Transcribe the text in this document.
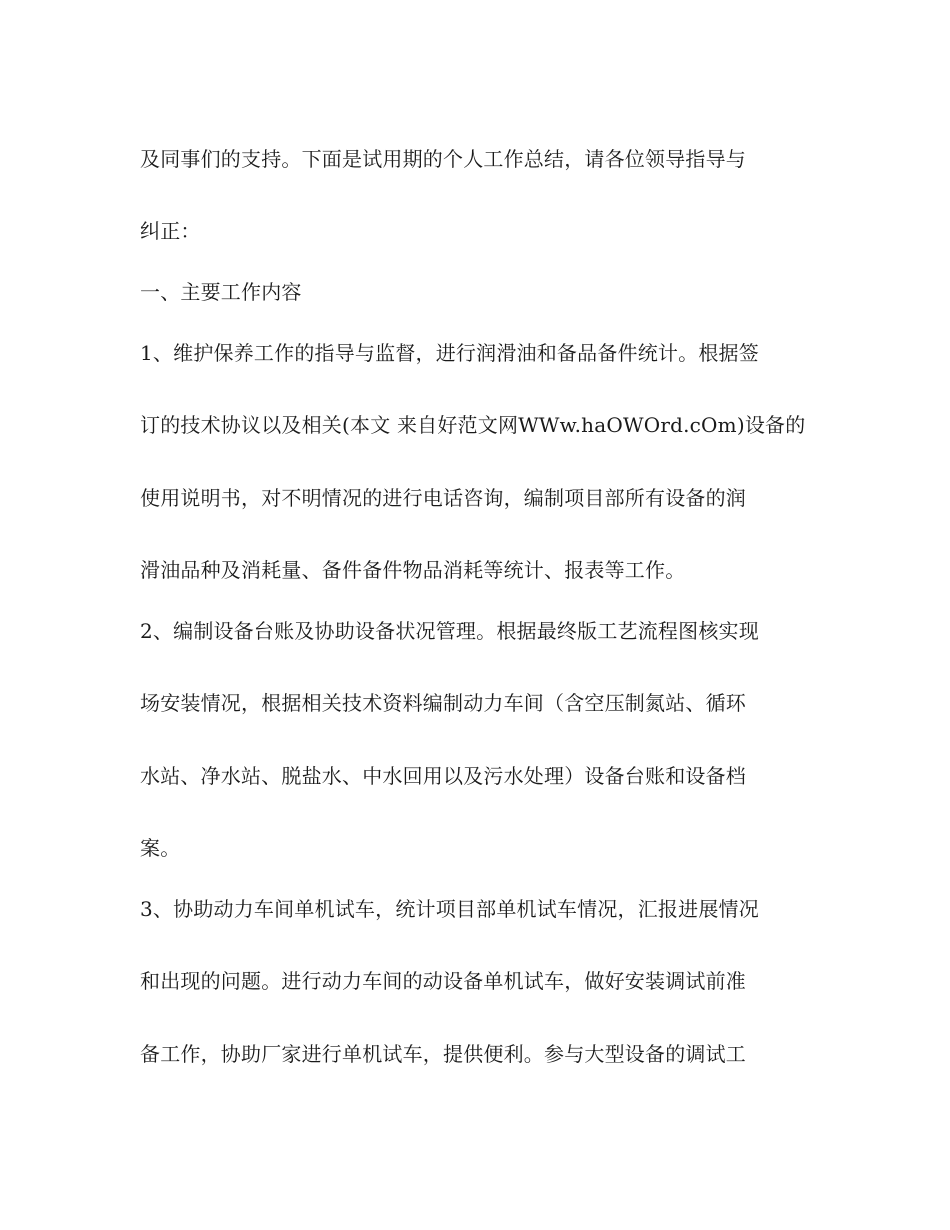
及同事们的支持。下面是试用期的个人工作总结，请各位领导指导与
纠正：
一、主要工作内容
1、维护保养工作的指导与监督，进行润滑油和备品备件统计。根据签
订的技术协议以及相关(本文 来自好范文网WWw.haOWOrd.cOm)设备的
使用说明书，对不明情况的进行电话咨询，编制项目部所有设备的润
滑油品种及消耗量、备件备件物品消耗等统计、报表等工作。
2、编制设备台账及协助设备状况管理。根据最终版工艺流程图核实现
场安装情况，根据相关技术资料编制动力车间（含空压制氮站、循环
水站、净水站、脱盐水、中水回用以及污水处理）设备台账和设备档
案。
3、协助动力车间单机试车，统计项目部单机试车情况，汇报进展情况
和出现的问题。进行动力车间的动设备单机试车，做好安装调试前准
备工作，协助厂家进行单机试车，提供便利。参与大型设备的调试工
